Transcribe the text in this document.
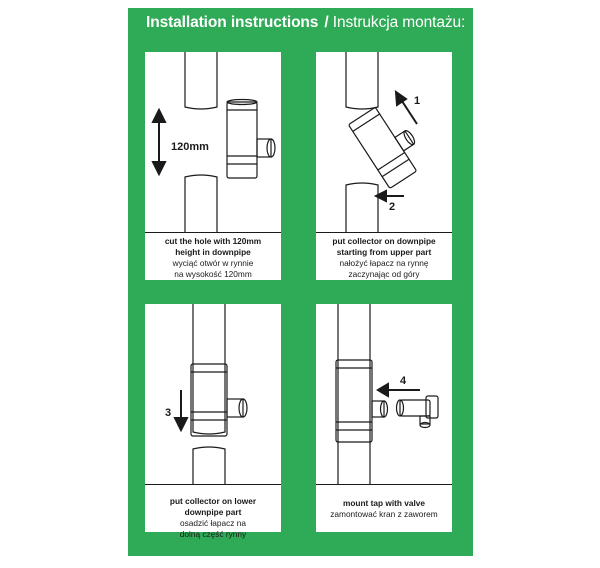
Installation instructions / Instrukcja montażu:
120mm
cut the hole with 120mm
height in downpipe
wyciąć otwór w rynnie
na wysokość 120mm
1
2
put collector on downpipe
starting from upper part
nałożyć łapacz na rynnę
zaczynając od góry
3
put collector on lower
downpipe part
osadzić łapacz na
dolną część rynny
4
mount tap with valve
zamontować kran z zaworem
